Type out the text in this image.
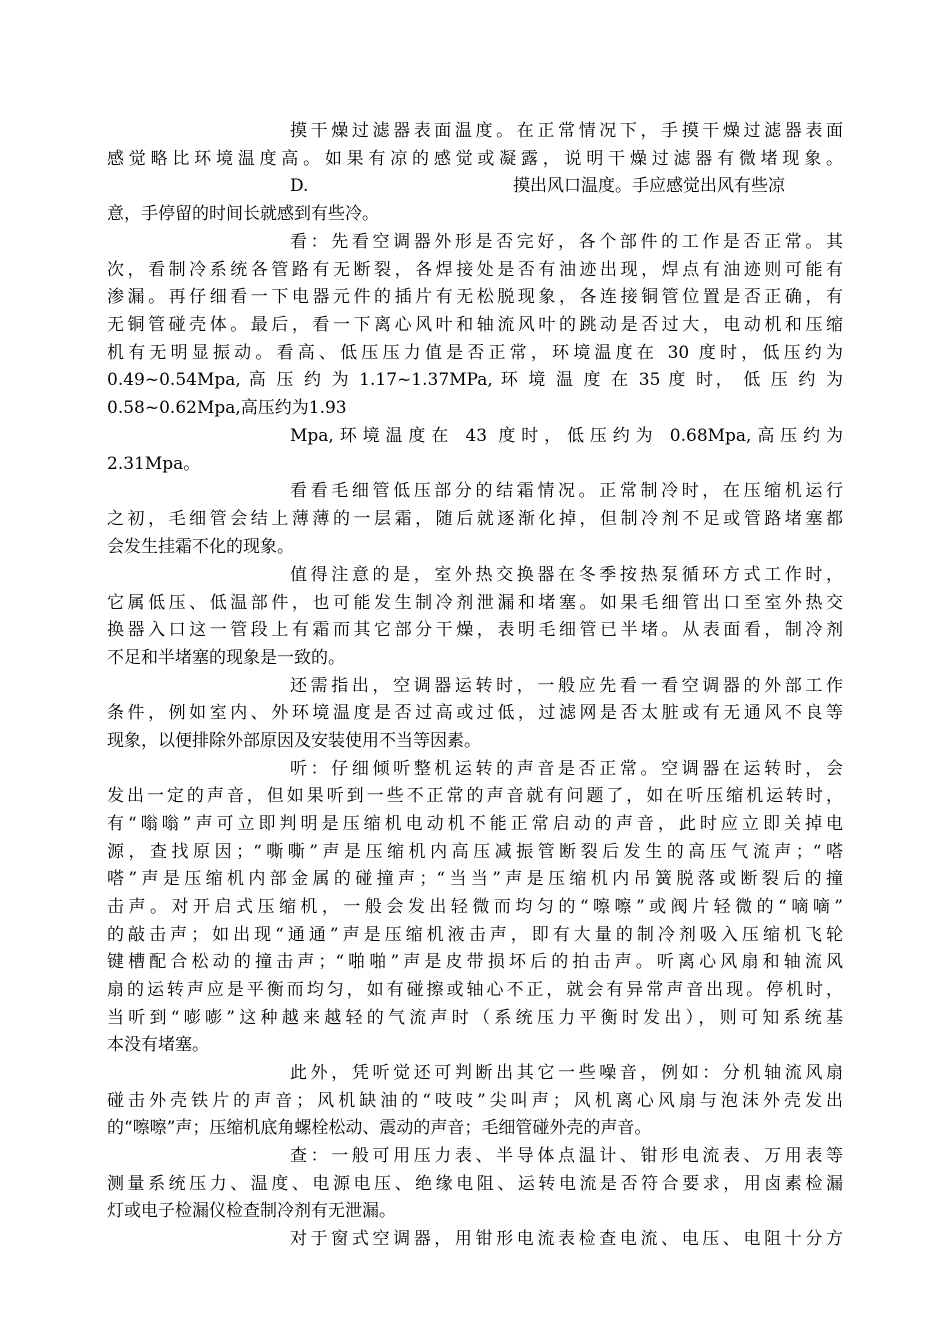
摸干燥过滤器表面温度。在正常情况下，手摸干燥过滤器表面
感觉略比环境温度高。如果有凉的感觉或凝露，说明干燥过滤器有微堵现象。
D.	摸出风口温度。手应感觉出风有些凉
意，手停留的时间长就感到有些冷。
看：先看空调器外形是否完好，各个部件的工作是否正常。其
次，看制冷系统各管路有无断裂，各焊接处是否有油迹出现，焊点有油迹则可能有
渗漏。再仔细看一下电器元件的插片有无松脱现象，各连接铜管位置是否正确，有
无铜管碰壳体。最后，看一下离心风叶和轴流风叶的跳动是否过大，电动机和压缩
机有无明显振动。看高、低压压力值是否正常，环境温度在 30 度时，低压约为
0.49~0.54Mpa, 高 压 约 为 1.17~1.37MPa, 环 境 温 度 在 35 度 时， 低 压 约 为
0.58~0.62Mpa,高压约为1.93
Mpa,环境温度在 43 度时，低压约为 0.68Mpa,高压约为
2.31Mpa。
看看毛细管低压部分的结霜情况。正常制冷时，在压缩机运行
之初，毛细管会结上薄薄的一层霜，随后就逐渐化掉，但制冷剂不足或管路堵塞都
会发生挂霜不化的现象。
值得注意的是，室外热交换器在冬季按热泵循环方式工作时，
它属低压、低温部件，也可能发生制冷剂泄漏和堵塞。如果毛细管出口至室外热交
换器入口这一管段上有霜而其它部分干燥，表明毛细管已半堵。从表面看，制冷剂
不足和半堵塞的现象是一致的。
还需指出，空调器运转时，一般应先看一看空调器的外部工作
条件，例如室内、外环境温度是否过高或过低，过滤网是否太脏或有无通风不良等
现象，以便排除外部原因及安装使用不当等因素。
听：仔细倾听整机运转的声音是否正常。空调器在运转时，会
发出一定的声音，但如果听到一些不正常的声音就有问题了，如在听压缩机运转时，
有“嗡嗡”声可立即判明是压缩机电动机不能正常启动的声音，此时应立即关掉电
源，查找原因；“嘶嘶”声是压缩机内高压减振管断裂后发生的高压气流声；“嗒
嗒”声是压缩机内部金属的碰撞声；“当当”声是压缩机内吊簧脱落或断裂后的撞
击声。对开启式压缩机，一般会发出轻微而均匀的“嚓嚓”或阀片轻微的“嘀嘀”
的敲击声；如出现“通通”声是压缩机液击声，即有大量的制冷剂吸入压缩机飞轮
键槽配合松动的撞击声；“啪啪”声是皮带损坏后的拍击声。听离心风扇和轴流风
扇的运转声应是平衡而均匀，如有碰擦或轴心不正，就会有异常声音出现。停机时，
当听到“嘭嘭”这种越来越轻的气流声时（系统压力平衡时发出），则可知系统基
本没有堵塞。
此外，凭听觉还可判断出其它一些噪音，例如：分机轴流风扇
碰击外壳铁片的声音；风机缺油的“吱吱”尖叫声；风机离心风扇与泡沫外壳发出
的“嚓嚓”声；压缩机底角螺栓松动、震动的声音；毛细管碰外壳的声音。
查：一般可用压力表、半导体点温计、钳形电流表、万用表等
测量系统压力、温度、电源电压、绝缘电阻、运转电流是否符合要求，用卤素检漏
灯或电子检漏仪检查制冷剂有无泄漏。
对于窗式空调器，用钳形电流表检查电流、电压、电阻十分方
